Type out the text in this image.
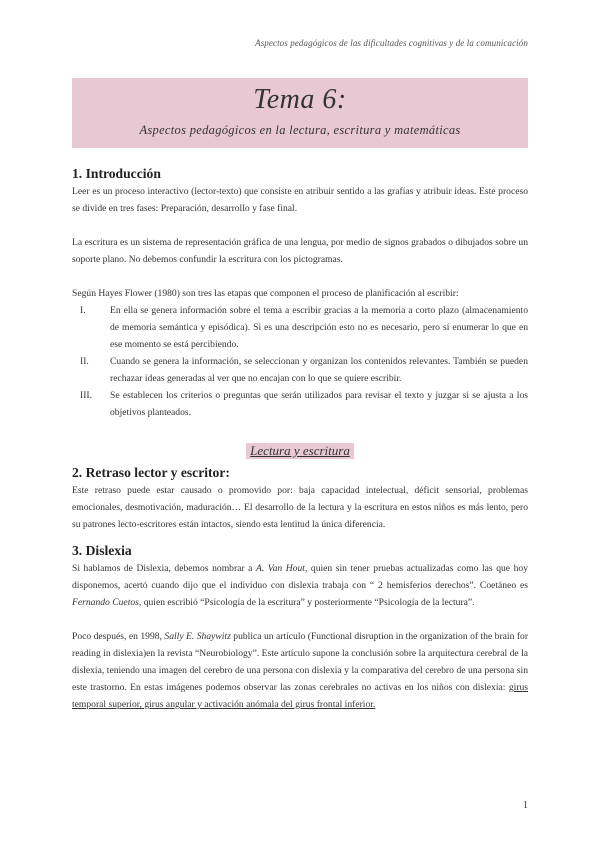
Aspectos pedagógicos de las dificultades cognitivas y de la comunicación
Tema 6:
Aspectos pedagógicos en la lectura, escritura y matemáticas
1. Introducción

Leer es un proceso interactivo (lector-texto) que consiste en atribuir sentido a las grafías y atribuir ideas. Este proceso se divide en tres fases: Preparación, desarrollo y fase final.

La escritura es un sistema de representación gráfica de una lengua, por medio de signos grabados o dibujados sobre un soporte plano. No debemos confundir la escritura con los pictogramas.

Según Hayes Flower (1980) son tres las etapas que componen el proceso de planificación al escribir:

I.	En ella se genera información sobre el tema a escribir gracias a la memoria a corto plazo (almacenamiento de memoria semántica y episódica). Si es una descripción esto no es necesario, pero sí enumerar lo que en ese momento se está percibiendo.
II. Cuando se genera la información, se seleccionan y organizan los contenidos relevantes. También se pueden rechazar ideas generadas al ver que no encajan con lo que se quiere escribir.
III. Se establecen los criterios o preguntas que serán utilizados para revisar el texto y juzgar si se ajusta a los objetivos planteados.
Lectura y escritura
2. Retraso lector y escritor:

Este retraso puede estar causado o promovido por: baja capacidad intelectual, déficit sensorial, problemas emocionales, desmotivación, maduración… El desarrollo de la lectura y la escritura en estos niños es más lento, pero su patrones lecto-escritores están intactos, siendo esta lentitud la única diferencia.

3. Dislexia

Si hablamos de Dislexia, debemos nombrar a A. Van Hout, quien sin tener pruebas actualizadas como las que hoy disponemos, acertó cuando dijo que el individuo con dislexia trabaja con “ 2 hemisferios derechos”. Coetáneo es Fernando Cuetos, quien escribió “Psicología de la escritura” y posteriormente “Psicología de la lectura”.

Poco después, en 1998, Sally E. Shaywitz publica un artículo (Functional disruption in the organization of the brain for reading in dislexia)en la revista “Neurobiology”. Este artículo supone la conclusión sobre la arquitectura cerebral de la dislexia, teniendo una imagen del cerebro de una persona con dislexia y la comparativa del cerebro de una persona sin este trastorno. En estas imágenes podemos observar las zonas cerebrales no activas en los niños con dislexia: girus temporal superior, girus angular y activación anómala del girus frontal inferior.

1
